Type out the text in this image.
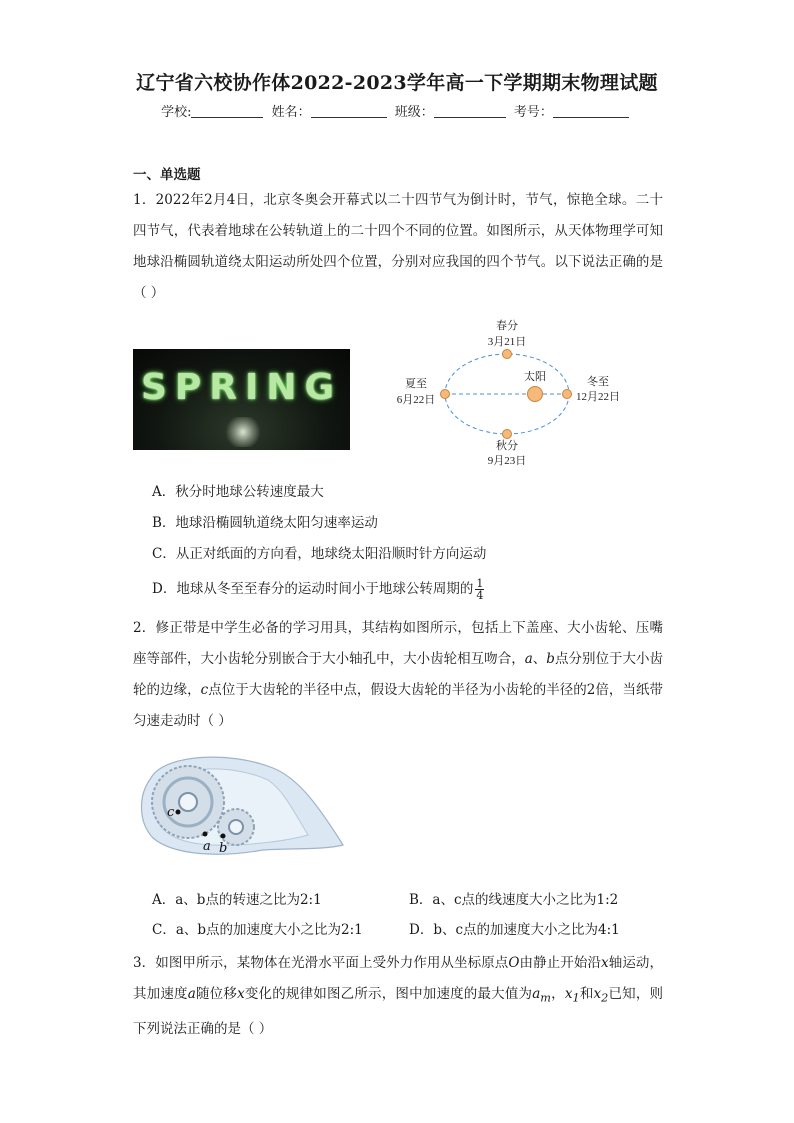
辽宁省六校协作体2022-2023学年高一下学期期末物理试题
学校:	姓名：	班级：	考号：
一、单选题
1．2022年2月4日，北京冬奥会开幕式以二十四节气为倒计时，节气，惊艳全球。二十四节气，代表着地球在公转轨道上的二十四个不同的位置。如图所示，从天体物理学可知地球沿椭圆轨道绕太阳运动所处四个位置，分别对应我国的四个节气。以下说法正确的是（ ）
SPRING
春分
3月21日
夏至
6月22日
太阳	冬至
12月22日
秋分
9月23日
A．秋分时地球公转速度最大
B．地球沿椭圆轨道绕太阳匀速率运动
C．从正对纸面的方向看，地球绕太阳沿顺时针方向运动
D．地球从冬至至春分的运动时间小于地球公转周期的 $\frac{1}{4}$
2．修正带是中学生必备的学习用具，其结构如图所示，包括上下盖座、大小齿轮、压嘴座等部件，大小齿轮分别嵌合于大小轴孔中，大小齿轮相互吻合，a、b点分别位于大小齿轮的边缘，c点位于大齿轮的半径中点，假设大齿轮的半径为小齿轮的半径的2倍，当纸带匀速走动时（ ）
c
a b
A．a、b点的转速之比为2:1	B．a、c点的线速度大小之比为1:2
C．a、b点的加速度大小之比为2:1	D．b、c点的加速度大小之比为4:1
3．如图甲所示，某物体在光滑水平面上受外力作用从坐标原点O由静止开始沿x轴运动，其加速度a随位移x变化的规律如图乙所示，图中加速度的最大值为$a_m$，$x_1$和$x_2$已知，则下列说法正确的是（ ）
